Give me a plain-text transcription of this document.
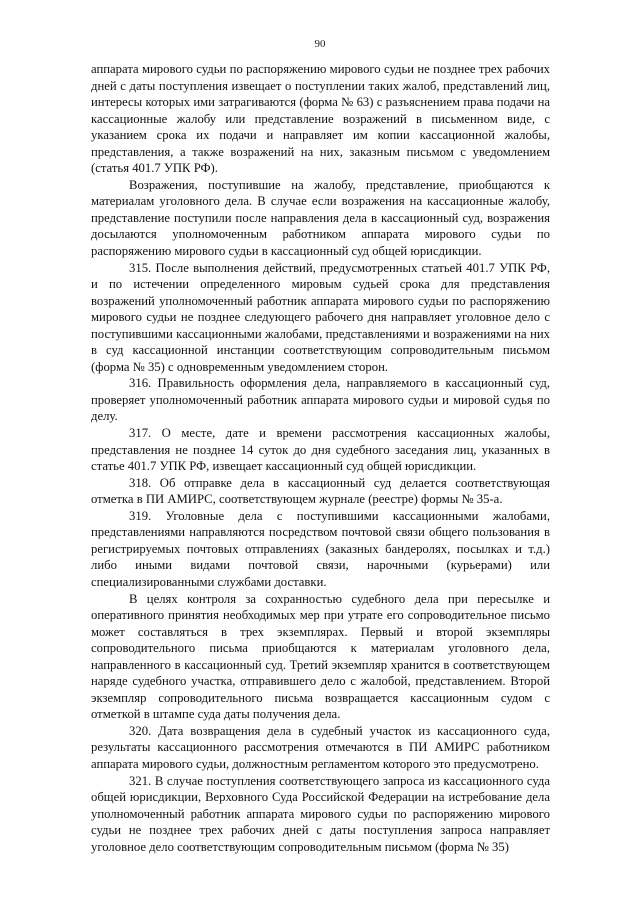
90

аппарата мирового судьи по распоряжению мирового судьи не позднее трех рабочих дней с даты поступления извещает о поступлении таких жалоб, представлений лиц, интересы которых ими затрагиваются (форма № 63) с разъяснением права подачи на кассационные жалобу или представление возражений в письменном виде, с указанием срока их подачи и направляет им копии кассационной жалобы, представления, а также возражений на них, заказным письмом с уведомлением (статья 401.7 УПК РФ).

Возражения, поступившие на жалобу, представление, приобщаются к материалам уголовного дела. В случае если возражения на кассационные жалобу, представление поступили после направления дела в кассационный суд, возражения досылаются уполномоченным работником аппарата мирового судьи по распоряжению мирового судьи в кассационный суд общей юрисдикции.

315. После выполнения действий, предусмотренных статьей 401.7 УПК РФ, и по истечении определенного мировым судьей срока для представления возражений уполномоченный работник аппарата мирового судьи по распоряжению мирового судьи не позднее следующего рабочего дня направляет уголовное дело с поступившими кассационными жалобами, представлениями и возражениями на них в суд кассационной инстанции соответствующим сопроводительным письмом (форма № 35) с одновременным уведомлением сторон.

316. Правильность оформления дела, направляемого в кассационный суд, проверяет уполномоченный работник аппарата мирового судьи и мировой судья по делу.

317. О месте, дате и времени рассмотрения кассационных жалобы, представления не позднее 14 суток до дня судебного заседания лиц, указанных в статье 401.7 УПК РФ, извещает кассационный суд общей юрисдикции.

318. Об отправке дела в кассационный суд делается соответствующая отметка в ПИ АМИРС, соответствующем журнале (реестре) формы № 35-а.

319. Уголовные дела с поступившими кассационными жалобами, представлениями направляются посредством почтовой связи общего пользования в регистрируемых почтовых отправлениях (заказных бандеролях, посылках и т.д.) либо иными видами почтовой связи, нарочными (курьерами) или специализированными службами доставки.

В целях контроля за сохранностью судебного дела при пересылке и оперативного принятия необходимых мер при утрате его сопроводительное письмо может составляться в трех экземплярах. Первый и второй экземпляры сопроводительного письма приобщаются к материалам уголовного дела, направленного в кассационный суд. Третий экземпляр хранится в соответствующем наряде судебного участка, отправившего дело с жалобой, представлением. Второй экземпляр сопроводительного письма возвращается кассационным судом с отметкой в штампе суда даты получения дела.

320. Дата возвращения дела в судебный участок из кассационного суда, результаты кассационного рассмотрения отмечаются в ПИ АМИРС работником аппарата мирового судьи, должностным регламентом которого это предусмотрено.

321. В случае поступления соответствующего запроса из кассационного суда общей юрисдикции, Верховного Суда Российской Федерации на истребование дела уполномоченный работник аппарата мирового судьи по распоряжению мирового судьи не позднее трех рабочих дней с даты поступления запроса направляет уголовное дело соответствующим сопроводительным письмом (форма № 35)
